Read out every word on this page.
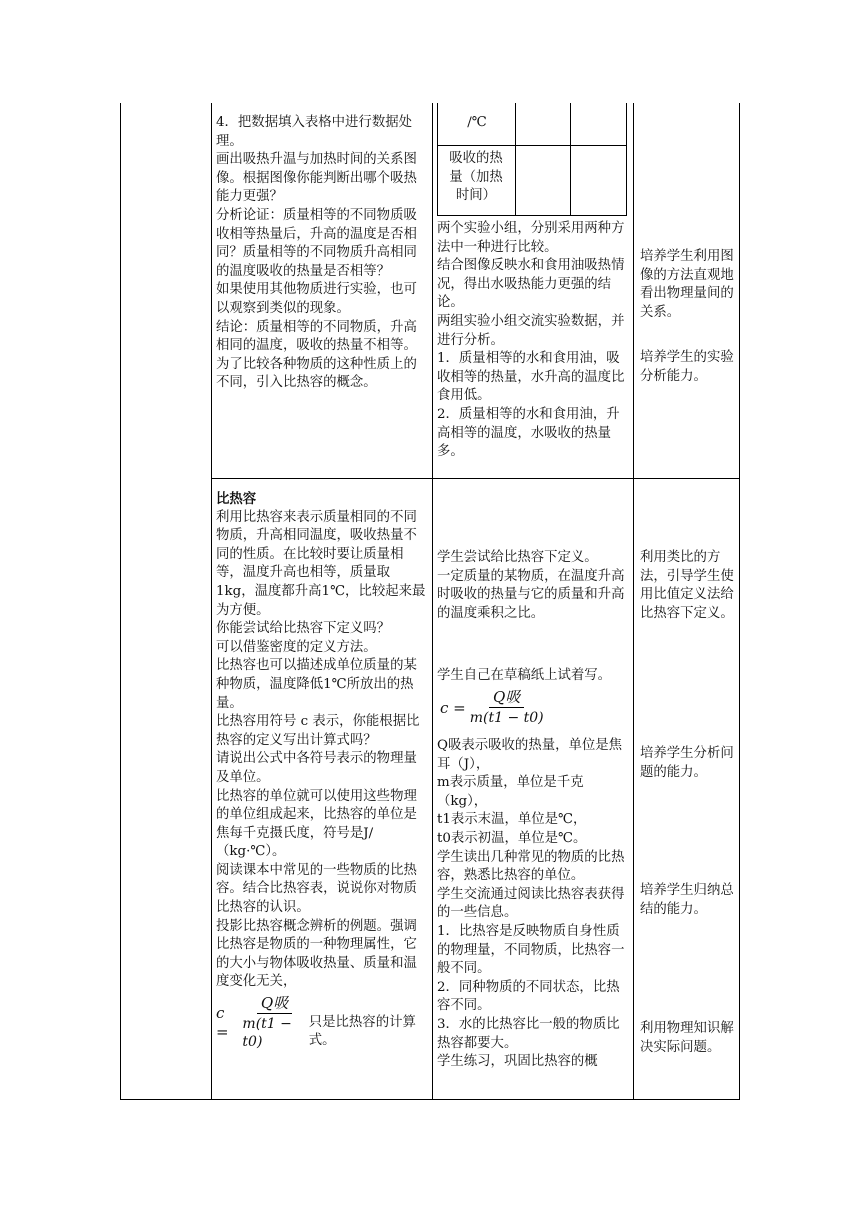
/℃
吸收的热量（加热时间）

4．把数据填入表格中进行数据处理。

画出吸热升温与加热时间的关系图像。根据图像你能判断出哪个吸热能力更强？

分析论证：质量相等的不同物质吸收相等热量后，升高的温度是否相同？质量相等的不同物质升高相同的温度吸收的热量是否相等？

如果使用其他物质进行实验，也可以观察到类似的现象。

结论：质量相等的不同物质，升高相同的温度，吸收的热量不相等。

为了比较各种物质的这种性质上的不同，引入比热容的概念。

两个实验小组，分别采用两种方法中一种进行比较。

结合图像反映水和食用油吸热情况，得出水吸热能力更强的结论。

两组实验小组交流实验数据，并进行分析。

1．质量相等的水和食用油，吸收相等的热量，水升高的温度比食用低。

2．质量相等的水和食用油，升高相等的温度，水吸收的热量多。

培养学生利用图像的方法直观地看出物理量间的关系。
培养学生的实验分析能力。

比热容

利用比热容来表示质量相同的不同物质，升高相同温度，吸收热量不同的性质。在比较时要让质量相等，温度升高也相等，质量取1kg，温度都升高1℃，比较起来最为方便。

你能尝试给比热容下定义吗？

可以借鉴密度的定义方法。

比热容也可以描述成单位质量的某种物质，温度降低1℃所放出的热量。

比热容用符号 c 表示，你能根据比热容的定义写出计算式吗？

请说出公式中各符号表示的物理量及单位。

比热容的单位就可以使用这些物理的单位组成起来，比热容的单位是焦每千克摄氏度，符号是J/（kg·℃）。

阅读课本中常见的一些物质的比热容。结合比热容表，说说你对物质比热容的认识。

投影比热容概念辨析的例题。强调比热容是物质的一种物理属性，它的大小与物体吸收热量、质量和温度变化无关，

$c = \frac{\text{Q吸}}{m(t1 - t0)}$ 只是比热容的计算式。

学生尝试给比热容下定义。

一定质量的某物质，在温度升高时吸收的热量与它的质量和升高的温度乘积之比。

学生自己在草稿纸上试着写。

$c = \frac{\text{Q吸}}{m(t1 - t0)}$

Q吸表示吸收的热量，单位是焦耳（J），

m表示质量，单位是千克（kg），

t1表示末温，单位是℃，

t0表示初温，单位是℃。

学生读出几种常见的物质的比热容，熟悉比热容的单位。

学生交流通过阅读比热容表获得的一些信息。

1．比热容是反映物质自身性质的物理量，不同物质，比热容一般不同。

2．同种物质的不同状态，比热容不同。

3．水的比热容比一般的物质比热容都要大。

学生练习，巩固比热容的概

利用类比的方法，引导学生使用比值定义法给比热容下定义。
培养学生分析问题的能力。
培养学生归纳总结的能力。
利用物理知识解决实际问题。
